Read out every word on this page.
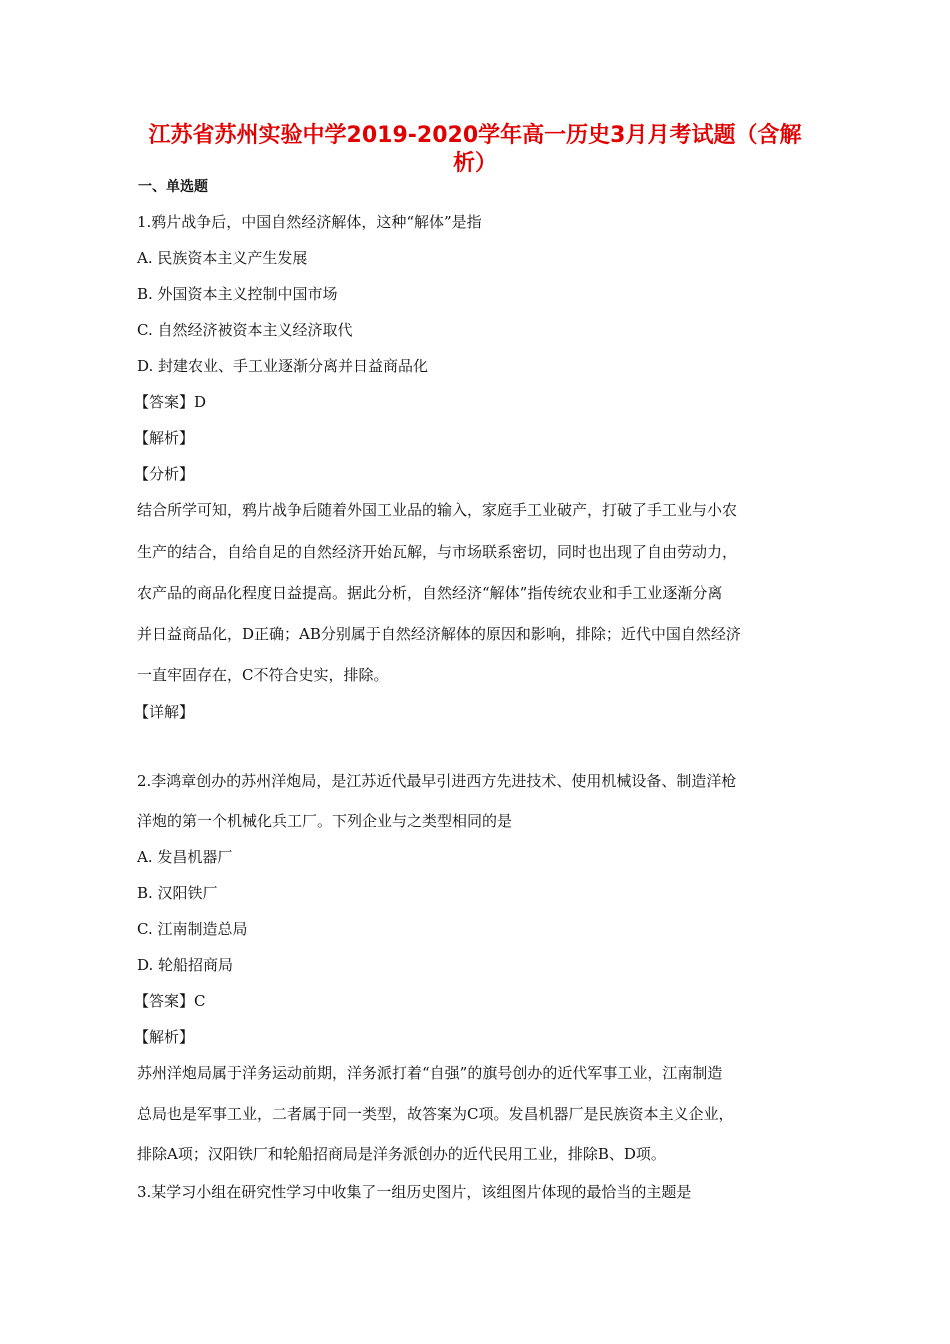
江苏省苏州实验中学2019-2020学年高一历史3月月考试题（含解析）
一、单选题
1.鸦片战争后，中国自然经济解体，这种“解体”是指
A. 民族资本主义产生发展
B. 外国资本主义控制中国市场
C. 自然经济被资本主义经济取代
D. 封建农业、手工业逐渐分离并日益商品化
【答案】D
【解析】
【分析】
结合所学可知，鸦片战争后随着外国工业品的输入，家庭手工业破产，打破了手工业与小农
生产的结合，自给自足的自然经济开始瓦解，与市场联系密切，同时也出现了自由劳动力，
农产品的商品化程度日益提高。据此分析，自然经济“解体”指传统农业和手工业逐渐分离
并日益商品化，D正确；AB分别属于自然经济解体的原因和影响，排除；近代中国自然经济
一直牢固存在，C不符合史实，排除。
【详解】
2.李鸿章创办的苏州洋炮局，是江苏近代最早引进西方先进技术、使用机械设备、制造洋枪
洋炮的第一个机械化兵工厂。下列企业与之类型相同的是
A. 发昌机器厂
B. 汉阳铁厂
C. 江南制造总局
D. 轮船招商局
【答案】C
【解析】
苏州洋炮局属于洋务运动前期，洋务派打着“自强”的旗号创办的近代军事工业，江南制造
总局也是军事工业，二者属于同一类型，故答案为C项。发昌机器厂是民族资本主义企业，
排除A项；汉阳铁厂和轮船招商局是洋务派创办的近代民用工业，排除B、D项。
3.某学习小组在研究性学习中收集了一组历史图片，该组图片体现的最恰当的主题是
